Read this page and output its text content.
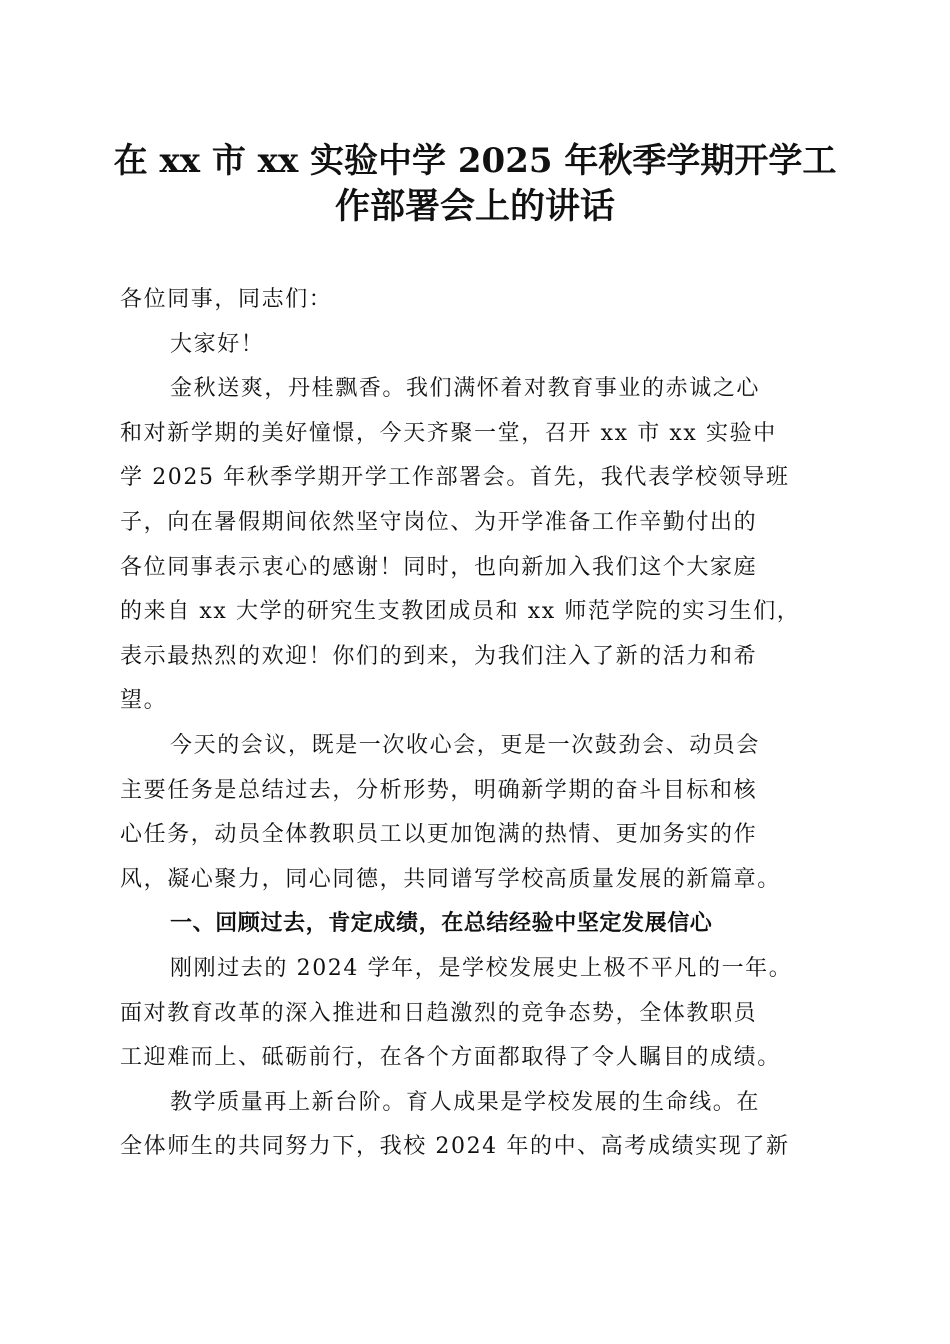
在 xx 市 xx 实验中学 2025 年秋季学期开学工
作部署会上的讲话
各位同事，同志们：
大家好！
金秋送爽，丹桂飘香。我们满怀着对教育事业的赤诚之心
和对新学期的美好憧憬，今天齐聚一堂，召开 xx 市 xx 实验中
学 2025 年秋季学期开学工作部署会。首先，我代表学校领导班
子，向在暑假期间依然坚守岗位、为开学准备工作辛勤付出的
各位同事表示衷心的感谢！同时，也向新加入我们这个大家庭
的来自 xx 大学的研究生支教团成员和 xx 师范学院的实习生们，
表示最热烈的欢迎！你们的到来，为我们注入了新的活力和希
望。
今天的会议，既是一次收心会，更是一次鼓劲会、动员会
主要任务是总结过去，分析形势，明确新学期的奋斗目标和核
心任务，动员全体教职员工以更加饱满的热情、更加务实的作
风，凝心聚力，同心同德，共同谱写学校高质量发展的新篇章。
一、回顾过去，肯定成绩，在总结经验中坚定发展信心
刚刚过去的 2024 学年，是学校发展史上极不平凡的一年。
面对教育改革的深入推进和日趋激烈的竞争态势，全体教职员
工迎难而上、砥砺前行，在各个方面都取得了令人瞩目的成绩。
教学质量再上新台阶。育人成果是学校发展的生命线。在
全体师生的共同努力下，我校 2024 年的中、高考成绩实现了新
